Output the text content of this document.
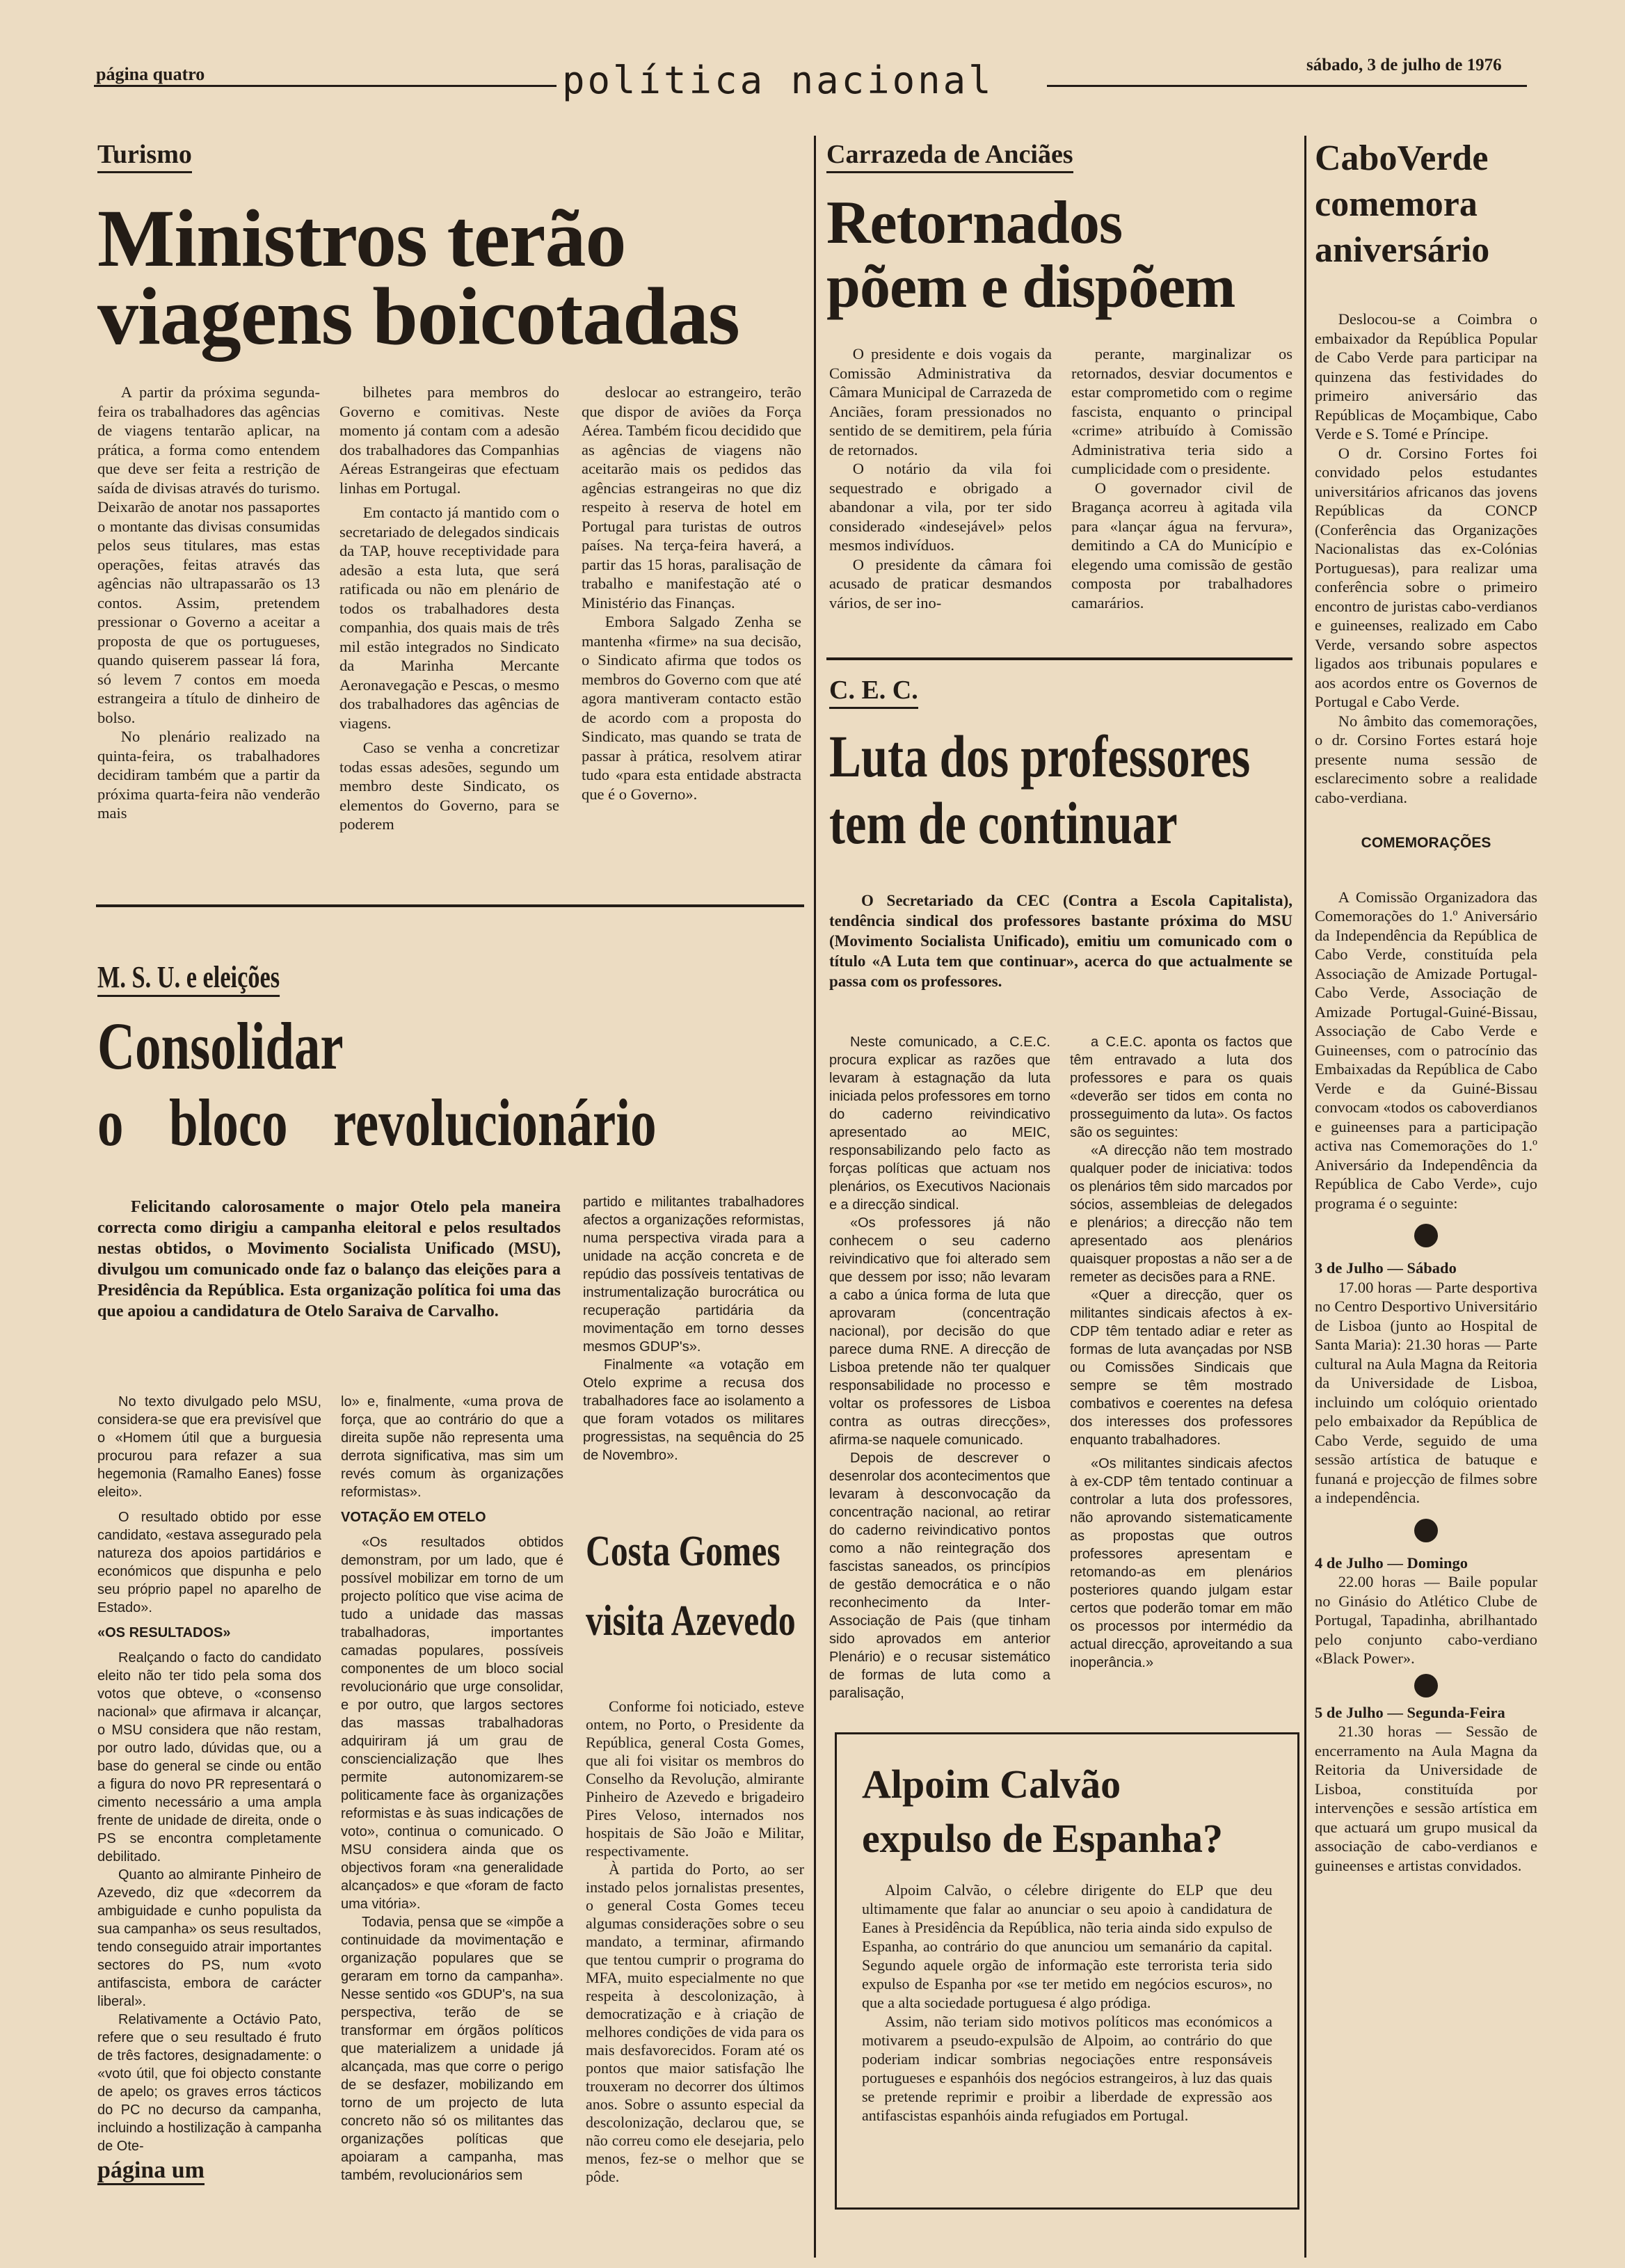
página quatro	política nacional	sábado, 3 de julho de 1976
Turismo
Ministros terão
viagens boicotadas

A partir da próxima segunda-feira os trabalhadores das agências de viagens tentarão aplicar, na prática, a forma como entendem que deve ser feita a restrição de saída de divisas através do turismo. Deixarão de anotar nos passaportes o montante das divisas consumidas pelos seus titulares, mas estas operações, feitas através das agências não ultrapassarão os 13 contos. Assim, pretendem pressionar o Governo a aceitar a proposta de que os portugueses, quando quiserem passear lá fora, só levem 7 contos em moeda estrangeira a título de dinheiro de bolso.

No plenário realizado na quinta-feira, os trabalhadores decidiram também que a partir da próxima quarta-feira não venderão mais

bilhetes para membros do Governo e comitivas. Neste momento já contam com a adesão dos trabalhadores das Companhias Aéreas Estrangeiras que efectuam linhas em Portugal.

Em contacto já mantido com o secretariado de delegados sindicais da TAP, houve receptividade para adesão a esta luta, que será ratificada ou não em plenário de todos os trabalhadores desta companhia, dos quais mais de três mil estão integrados no Sindicato da Marinha Mercante Aeronavegação e Pescas, o mesmo dos trabalhadores das agências de viagens.

Caso se venha a concretizar todas essas adesões, segundo um membro deste Sindicato, os elementos do Governo, para se poderem

deslocar ao estrangeiro, terão que dispor de aviões da Força Aérea. Também ficou decidido que as agências de viagens não aceitarão mais os pedidos das agências estrangeiras no que diz respeito à reserva de hotel em Portugal para turistas de outros países. Na terça-feira haverá, a partir das 15 horas, paralisação de trabalho e manifestação até o Ministério das Finanças.

Embora Salgado Zenha se mantenha «firme» na sua decisão, o Sindicato afirma que todos os membros do Governo com que até agora mantiveram contacto estão de acordo com a proposta do Sindicato, mas quando se trata de passar à prática, resolvem atirar tudo «para esta entidade abstracta que é o Governo».

Carrazeda de Anciães
Retornados
põem e dispõem

O presidente e dois vogais da Comissão Administrativa da Câmara Municipal de Carrazeda de Anciães, foram pressionados no sentido de se demitirem, pela fúria de retornados.

O notário da vila foi sequestrado e obrigado a abandonar a vila, por ter sido considerado «indesejável» pelos mesmos indivíduos.

O presidente da câmara foi acusado de praticar desmandos vários, de ser ino-

perante, marginalizar os retornados, desviar documentos e estar comprometido com o regime fascista, enquanto o principal «crime» atribuído à Comissão Administrativa teria sido a cumplicidade com o presidente.

O governador civil de Bragança acorreu à agitada vila para «lançar água na fervura», demitindo a CA do Município e elegendo uma comissão de gestão composta por trabalhadores camarários.

CaboVerde comemora aniversário

Deslocou-se a Coimbra o embaixador da República Popular de Cabo Verde para participar na quinzena das festividades do primeiro aniversário das Repúblicas de Moçambique, Cabo Verde e S. Tomé e Príncipe.

O dr. Corsino Fortes foi convidado pelos estudantes universitários africanos das jovens Repúblicas da CONCP (Conferência das Organizações Nacionalistas das ex-Colónias Portuguesas), para realizar uma conferência sobre o primeiro encontro de juristas cabo-verdianos e guineenses, realizado em Cabo Verde, versando sobre aspectos ligados aos tribunais populares e aos acordos entre os Governos de Portugal e Cabo Verde.

No âmbito das comemorações, o dr. Corsino Fortes estará hoje presente numa sessão de esclarecimento sobre a realidade cabo-verdiana.

COMEMORAÇÕES

A Comissão Organizadora das Comemorações do 1.º Aniversário da Independência da República de Cabo Verde, constituída pela Associação de Amizade Portugal-Cabo Verde, Associação de Amizade Portugal-Guiné-Bissau, Associação de Cabo Verde e Guineenses, com o patrocínio das Embaixadas da República de Cabo Verde e da Guiné-Bissau convocam «todos os caboverdianos e guineenses para a participação activa nas Comemorações do 1.º Aniversário da Independência da República de Cabo Verde», cujo programa é o seguinte:

3 de Julho — Sábado

17.00 horas — Parte desportiva no Centro Desportivo Universitário de Lisboa (junto ao Hospital de Santa Maria): 21.30 horas — Parte cultural na Aula Magna da Reitoria da Universidade de Lisboa, incluindo um colóquio orientado pelo embaixador da República de Cabo Verde, seguido de uma sessão artística de batuque e funaná e projecção de filmes sobre a independência.

4 de Julho — Domingo

22.00 horas — Baile popular no Ginásio do Atlético Clube de Portugal, Tapadinha, abrilhantado pelo conjunto cabo-verdiano «Black Power».

5 de Julho — Segunda-Feira

21.30 horas — Sessão de encerramento na Aula Magna da Reitoria da Universidade de Lisboa, constituída por intervenções e sessão artística em que actuará um grupo musical da associação de cabo-verdianos e guineenses e artistas convidados.

C. E. C.
Luta dos professores
tem de continuar
O Secretariado da CEC (Contra a Escola Capitalista), tendência sindical dos professores bastante próxima do MSU (Movimento Socialista Unificado), emitiu um comunicado com o título «A Luta tem que continuar», acerca do que actualmente se passa com os professores.

Neste comunicado, a C.E.C. procura explicar as razões que levaram à estagnação da luta iniciada pelos professores em torno do caderno reivindicativo apresentado ao MEIC, responsabilizando pelo facto as forças políticas que actuam nos plenários, os Executivos Nacionais e a direcção sindical.

«Os professores já não conhecem o seu caderno reivindicativo que foi alterado sem que dessem por isso; não levaram a cabo a única forma de luta que aprovaram (concentração nacional), por decisão do que parece duma RNE. A direcção de Lisboa pretende não ter qualquer responsabilidade no processo e voltar os professores de Lisboa contra as outras direcções», afirma-se naquele comunicado.

Depois de descrever o desenrolar dos acontecimentos que levaram à desconvocação da concentração nacional, ao retirar do caderno reivindicativo pontos como a não reintegração dos fascistas saneados, os princípios de gestão democrática e o não reconhecimento da Inter-Associação de Pais (que tinham sido aprovados em anterior Plenário) e o recusar sistemático de formas de luta como a paralisação,

a C.E.C. aponta os factos que têm entravado a luta dos professores e para os quais «deverão ser tidos em conta no prosseguimento da luta». Os factos são os seguintes:

«A direcção não tem mostrado qualquer poder de iniciativa: todos os plenários têm sido marcados por sócios, assembleias de delegados e plenários; a direcção não tem apresentado aos plenários quaisquer propostas a não ser a de remeter as decisões para a RNE.

«Quer a direcção, quer os militantes sindicais afectos à ex-CDP têm tentado adiar e reter as formas de luta avançadas por NSB ou Comissões Sindicais que sempre se têm mostrado combativos e coerentes na defesa dos interesses dos professores enquanto trabalhadores.

«Os militantes sindicais afectos à ex-CDP têm tentado continuar a controlar a luta dos professores, não aprovando sistematicamente as propostas que outros professores apresentam e retomando-as em plenários posteriores quando julgam estar certos que poderão tomar em mão os processos por intermédio da actual direcção, aproveitando a sua inoperância.»

Alpoim Calvão
expulso de Espanha?

Alpoim Calvão, o célebre dirigente do ELP que deu ultimamente que falar ao anunciar o seu apoio à candidatura de Eanes à Presidência da República, não teria ainda sido expulso de Espanha, ao contrário do que anunciou um semanário da capital. Segundo aquele orgão de informação este terrorista teria sido expulso de Espanha por «se ter metido em negócios escuros», no que a alta sociedade portuguesa é algo pródiga.

Assim, não teriam sido motivos políticos mas económicos a motivarem a pseudo-expulsão de Alpoim, ao contrário do que poderiam indicar sombrias negociações entre responsáveis portugueses e espanhóis dos negócios estrangeiros, à luz das quais se pretende reprimir e proibir a liberdade de expressão aos antifascistas espanhóis ainda refugiados em Portugal.

M. S. U. e eleições
Consolidar
o bloco revolucionário
Felicitando calorosamente o major Otelo pela maneira correcta como dirigiu a campanha eleitoral e pelos resultados nestas obtidos, o Movimento Socialista Unificado (MSU), divulgou um comunicado onde faz o balanço das eleições para a Presidência da República. Esta organização política foi uma das que apoiou a candidatura de Otelo Saraiva de Carvalho.

No texto divulgado pelo MSU, considera-se que era previsível que o «Homem útil que a burguesia procurou para refazer a sua hegemonia (Ramalho Eanes) fosse eleito».

O resultado obtido por esse candidato, «estava assegurado pela natureza dos apoios partidários e económicos que dispunha e pelo seu próprio papel no aparelho de Estado».

«OS RESULTADOS»

Realçando o facto do candidato eleito não ter tido pela soma dos votos que obteve, o «consenso nacional» que afirmava ir alcançar, o MSU considera que não restam, por outro lado, dúvidas que, ou a base do general se cinde ou então a figura do novo PR representará o cimento necessário a uma ampla frente de unidade de direita, onde o PS se encontra completamente debilitado.

Quanto ao almirante Pinheiro de Azevedo, diz que «decorrem da ambiguidade e cunho populista da sua campanha» os seus resultados, tendo conseguido atrair importantes sectores do PS, num «voto antifascista, embora de carácter liberal».

Relativamente a Octávio Pato, refere que o seu resultado é fruto de três factores, designadamente: o «voto útil, que foi objecto constante de apelo; os graves erros tácticos do PC no decurso da campanha, incluindo a hostilização à campanha de Ote-

página um

lo» e, finalmente, «uma prova de força, que ao contrário do que a direita supõe não representa uma derrota significativa, mas sim um revés comum às organizações reformistas».

VOTAÇÃO EM OTELO

«Os resultados obtidos demonstram, por um lado, que é possível mobilizar em torno de um projecto político que vise acima de tudo a unidade das massas trabalhadoras, importantes camadas populares, possíveis componentes de um bloco social revolucionário que urge consolidar, e por outro, que largos sectores das massas trabalhadoras adquiriram já um grau de consciencialização que lhes permite autonomizarem-se politicamente face às organizações reformistas e às suas indicações de voto», continua o comunicado. O MSU considera ainda que os objectivos foram «na generalidade alcançados» e que «foram de facto uma vitória».

Todavia, pensa que se «impõe a continuidade da movimentação e organização populares que se geraram em torno da campanha». Nesse sentido «os GDUP's, na sua perspectiva, terão de se transformar em órgãos políticos que materializem a unidade já alcançada, mas que corre o perigo de se desfazer, mobilizando em torno de um projecto de luta concreto não só os militantes das organizações políticas que apoiaram a campanha, mas também, revolucionários sem

partido e militantes trabalhadores afectos a organizações reformistas, numa perspectiva virada para a unidade na acção concreta e de repúdio das possíveis tentativas de instrumentalização burocrática ou recuperação partidária da movimentação em torno desses mesmos GDUP's».

Finalmente «a votação em Otelo exprime a recusa dos trabalhadores face ao isolamento a que foram votados os militares progressistas, na sequência do 25 de Novembro».

Costa Gomes
visita Azevedo

Conforme foi noticiado, esteve ontem, no Porto, o Presidente da República, general Costa Gomes, que ali foi visitar os membros do Conselho da Revolução, almirante Pinheiro de Azevedo e brigadeiro Pires Veloso, internados nos hospitais de São João e Militar, respectivamente.

À partida do Porto, ao ser instado pelos jornalistas presentes, o general Costa Gomes teceu algumas considerações sobre o seu mandato, a terminar, afirmando que tentou cumprir o programa do MFA, muito especialmente no que respeita à descolonização, à democratização e à criação de melhores condições de vida para os mais desfavorecidos. Foram até os pontos que maior satisfação lhe trouxeram no decorrer dos últimos anos. Sobre o assunto especial da descolonização, declarou que, se não correu como ele desejaria, pelo menos, fez-se o melhor que se pôde.
